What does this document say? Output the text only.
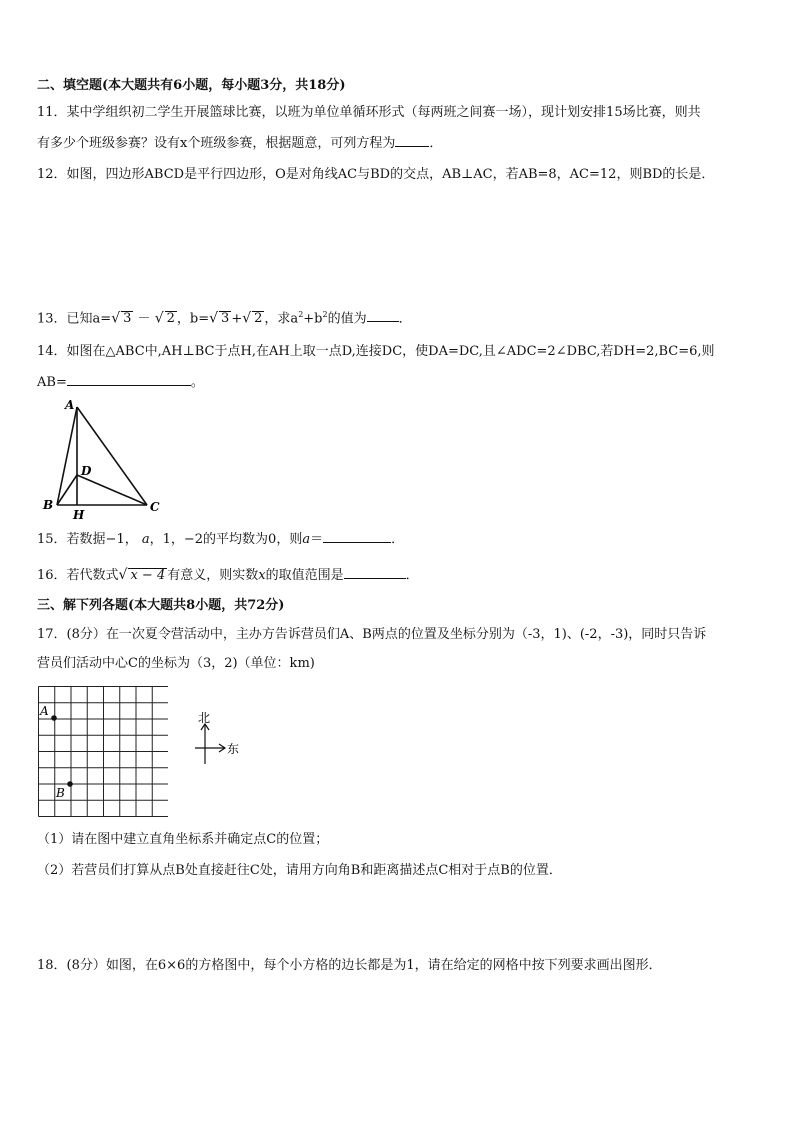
二、填空题(本大题共有6小题，每小题3分，共18分)
11．某中学组织初二学生开展篮球比赛，以班为单位单循环形式（每两班之间赛一场），现计划安排15场比赛，则共
有多少个班级参赛？设有x个班级参赛，根据题意，可列方程为	．
12．如图，四边形ABCD是平行四边形，O是对角线AC与BD的交点，AB⊥AC，若AB=8，AC=12，则BD的长是．
13．已知a=√ 3 － √ 2 ，b=√ 3 +√ 2 ，求$a^2+b^2$的值为 ．
14．如图在△ABC中,AH⊥BC于点H,在AH上取一点D,连接DC，使DA=DC,且∠ADC=2∠DBC,若DH=2,BC=6,则
AB=	。
A
B	C
D
H
15．若数据−1， a，1，−2的平均数为0，则a＝	．
16．若代数式√ x − 4 有意义，则实数x的取值范围是	．
三、解下列各题(本大题共8小题，共72分)
17．(8分）在一次夏令营活动中，主办方告诉营员们A、B两点的位置及坐标分别为（-3，1)、(-2，-3)，同时只告诉
营员们活动中心C的坐标为（3，2)（单位：km)
A
B
北
东
（1）请在图中建立直角坐标系并确定点C的位置；
（2）若营员们打算从点B处直接赶往C处，请用方向角B和距离描述点C相对于点B的位置．
18．(8分）如图，在6×6的方格图中，每个小方格的边长都是为1，请在给定的网格中按下列要求画出图形．
